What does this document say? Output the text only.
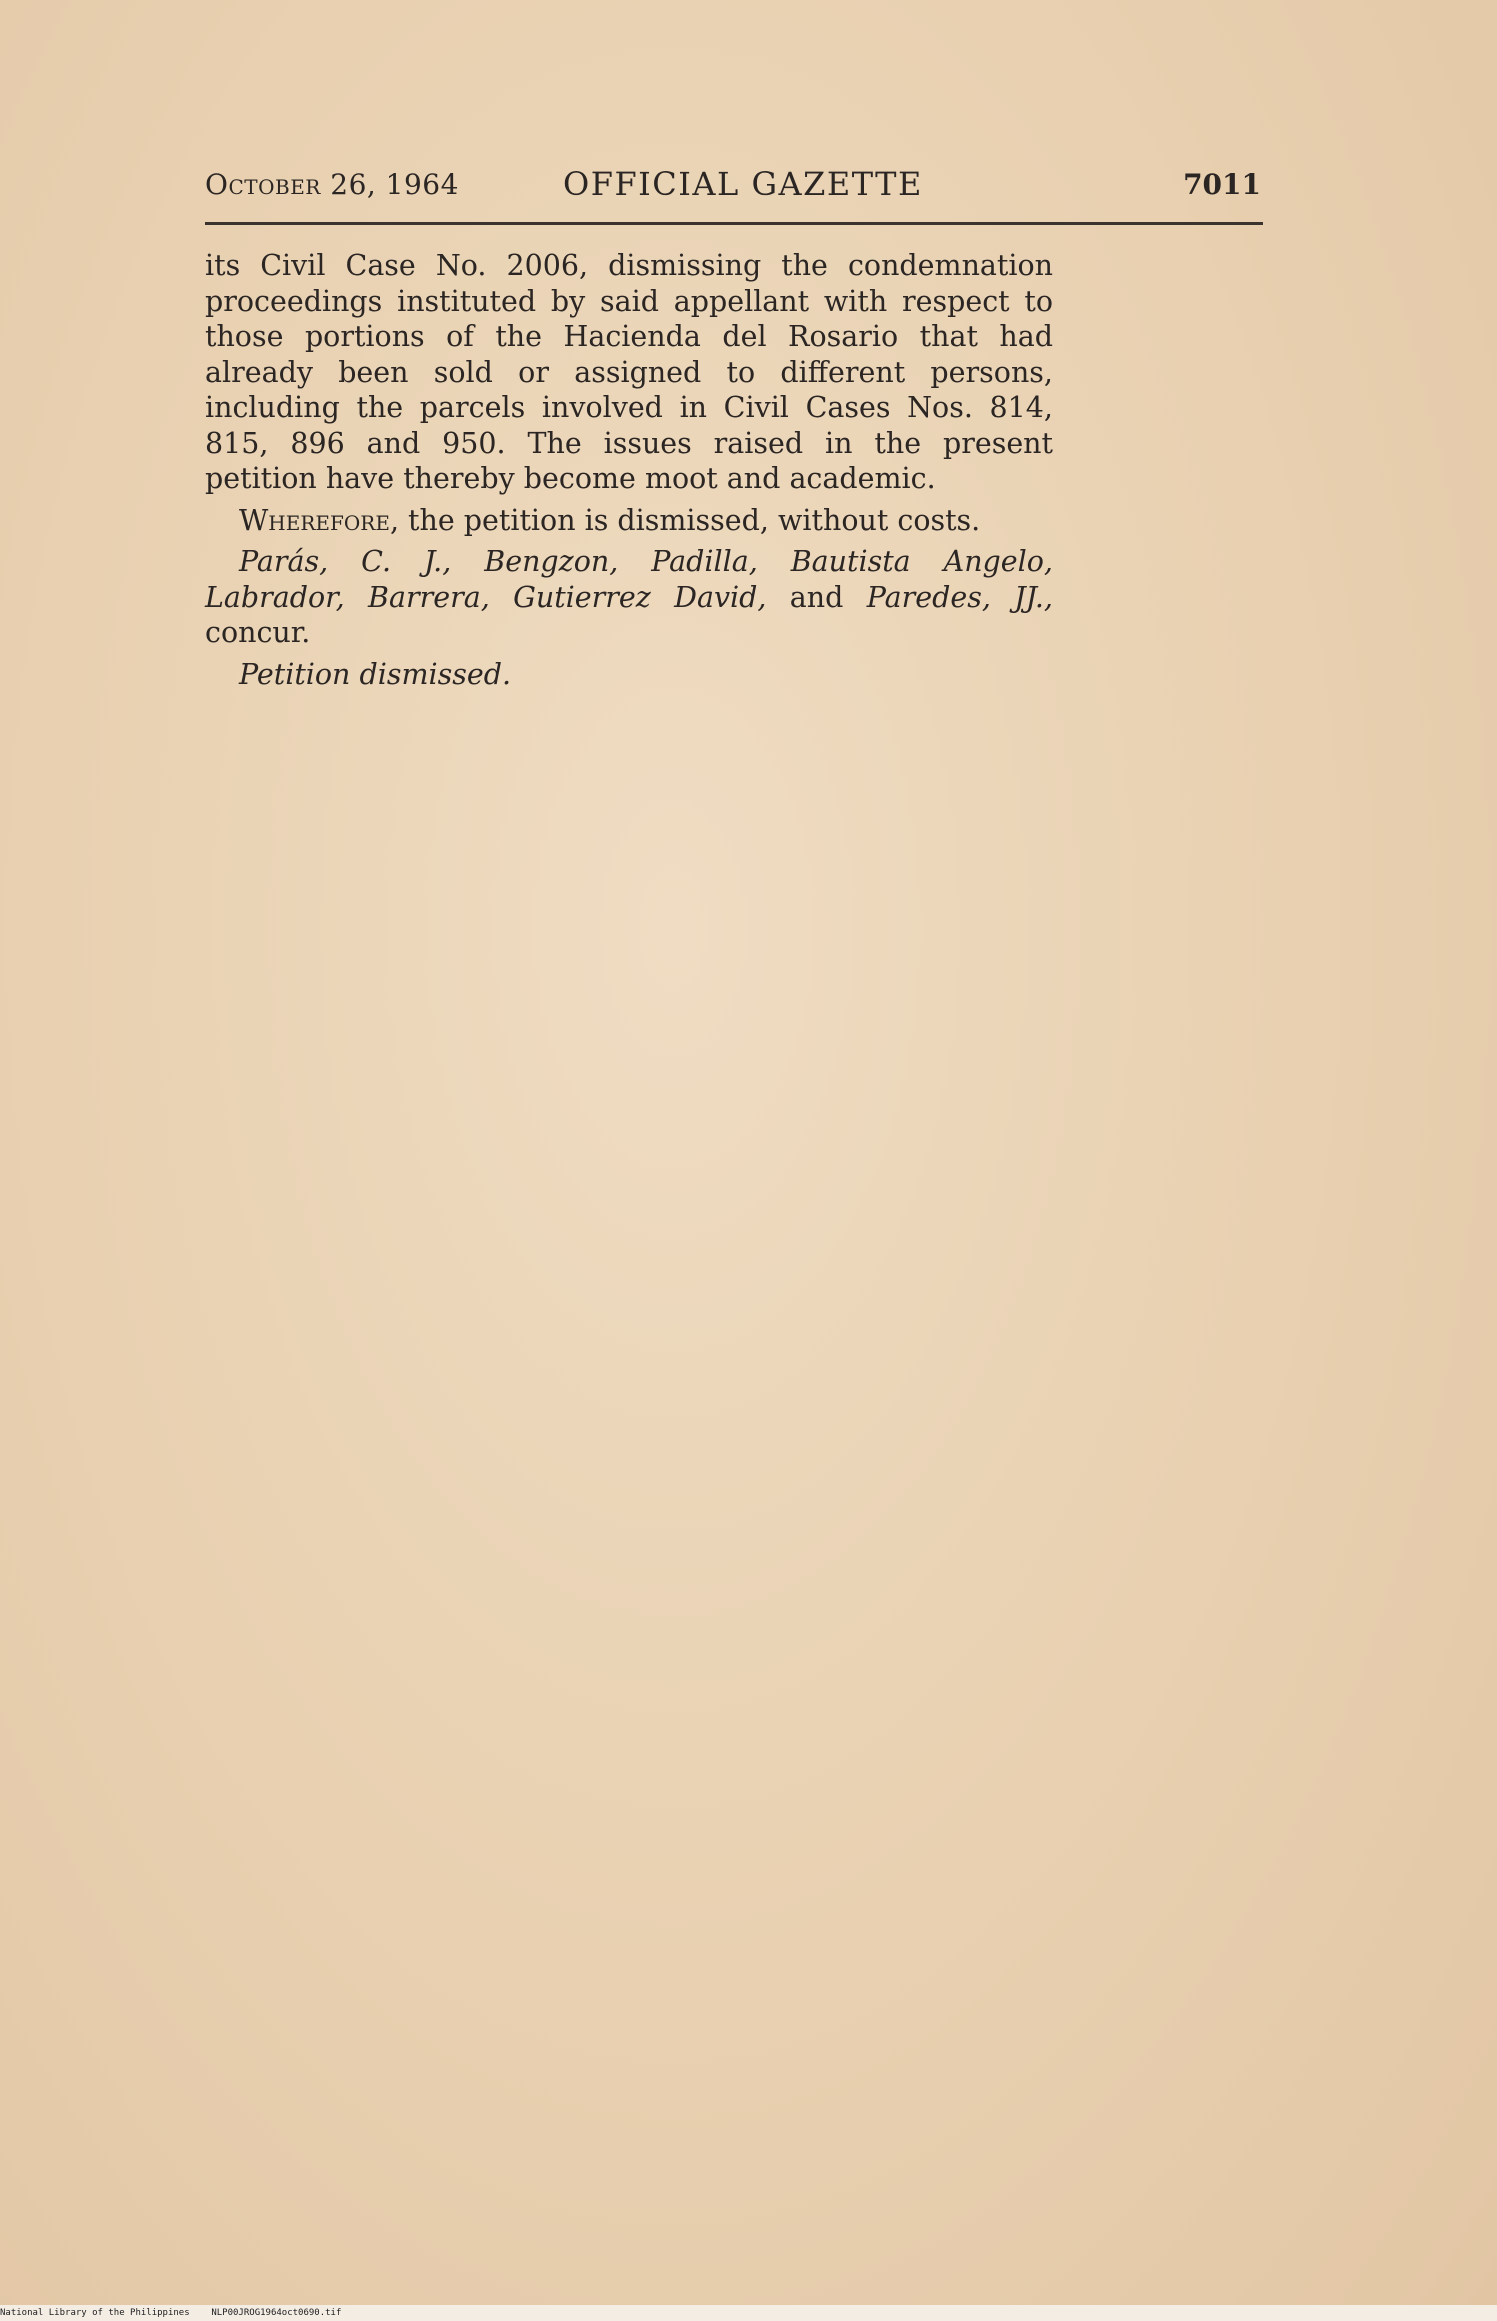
October 26, 1964	OFFICIAL GAZETTE	7011

its Civil Case No. 2006, dismissing the condemnation proceedings instituted by said appellant with respect to those portions of the Hacienda del Rosario that had already been sold or assigned to different persons, including the parcels involved in Civil Cases Nos. 814, 815, 896 and 950. The issues raised in the present petition have thereby become moot and academic.

Wherefore, the petition is dismissed, without costs.

Parás, C. J., Bengzon, Padilla, Bautista Angelo, Labrador, Barrera, Gutierrez David, and Paredes, JJ., concur.

Petition dismissed.

National Library of the Philippines NLP00JROG1964oct0690.tif
